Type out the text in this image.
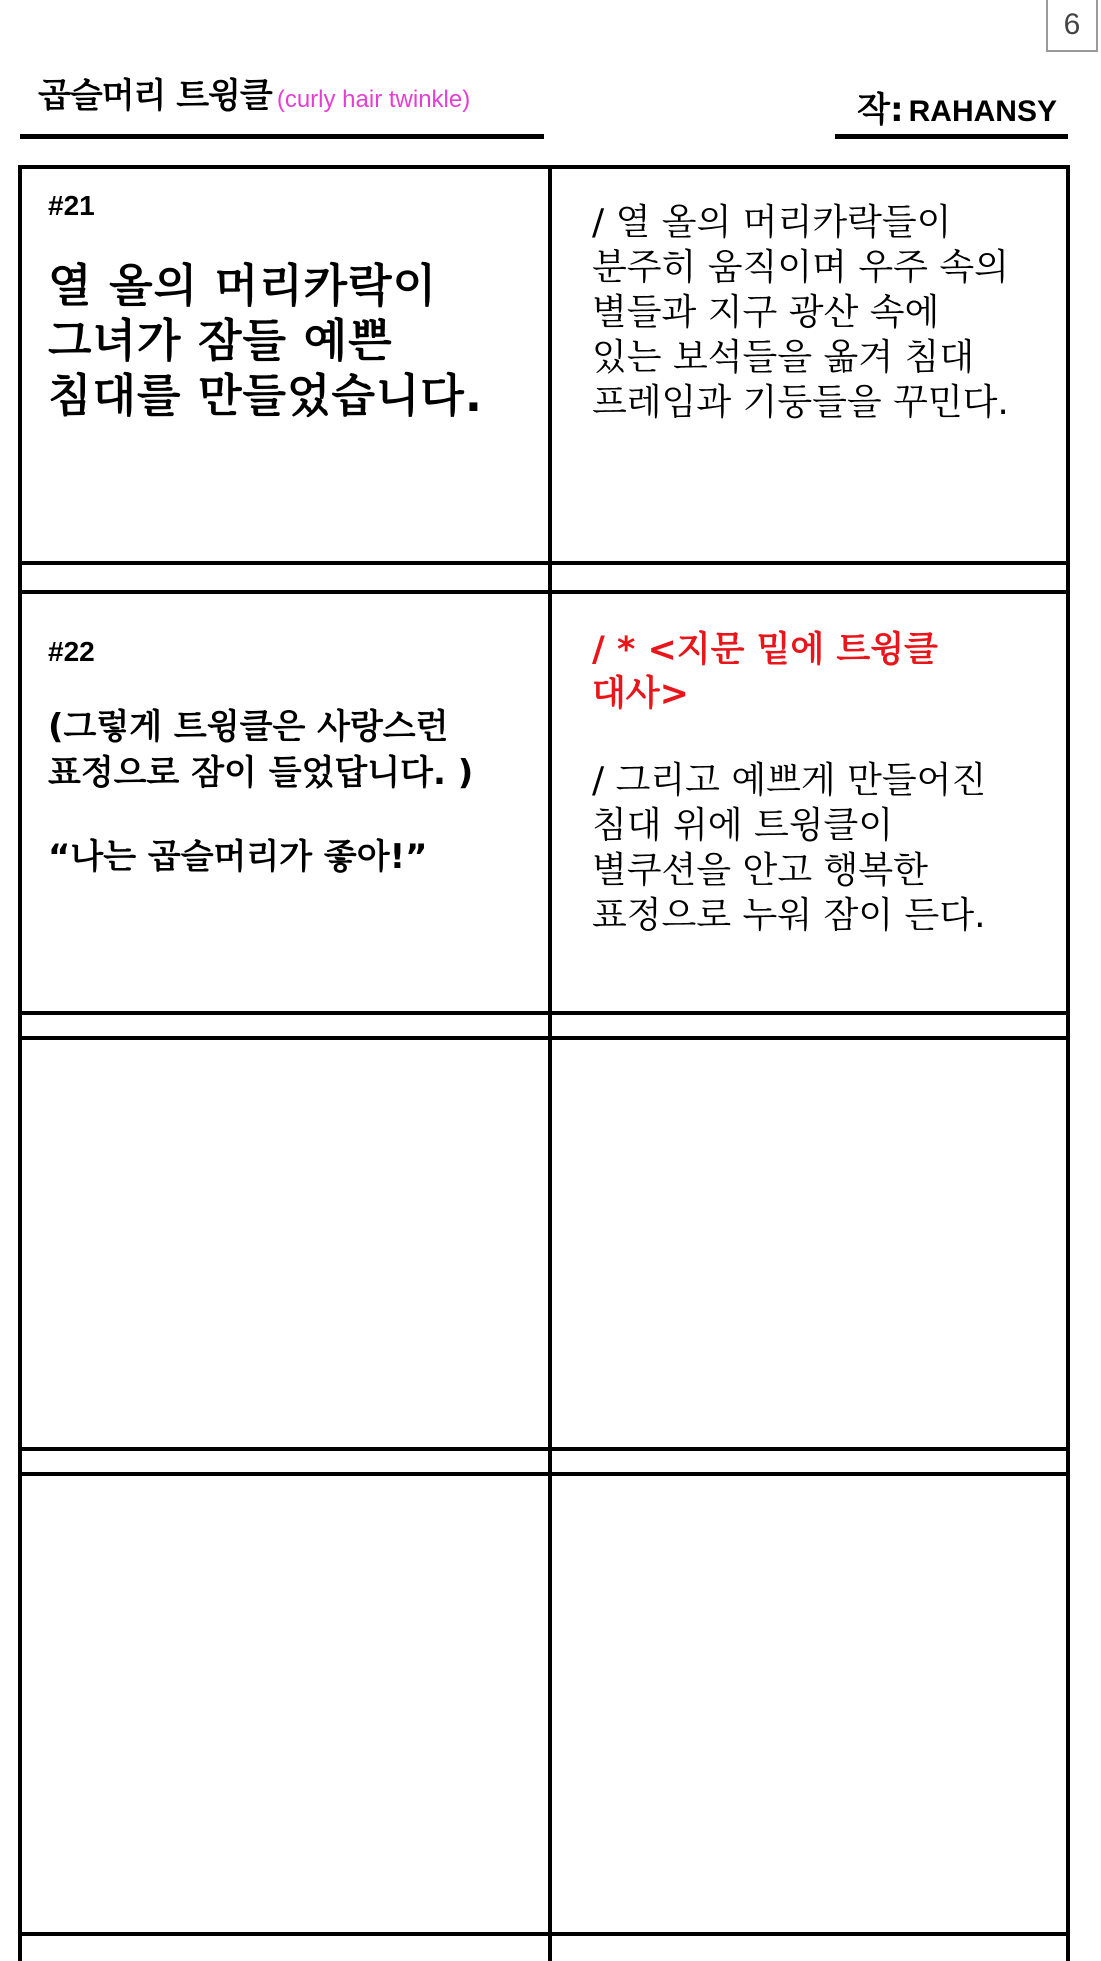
6
곱슬머리 트윙클 (curly hair twinkle)	작: RAHANSY
#21
열 올의 머리카락이
그녀가 잠들 예쁜
침대를 만들었습니다.
/ 열 올의 머리카락들이
분주히 움직이며 우주 속의
별들과 지구 광산 속에
있는 보석들을 옮겨 침대
프레임과 기둥들을 꾸민다.
#22
(그렇게 트윙클은 사랑스런
표정으로 잠이 들었답니다. )
“나는 곱슬머리가 좋아!”
/ * <지문 밑에 트윙클
대사>
/ 그리고 예쁘게 만들어진
침대 위에 트윙클이
별쿠션을 안고 행복한
표정으로 누워 잠이 든다.
